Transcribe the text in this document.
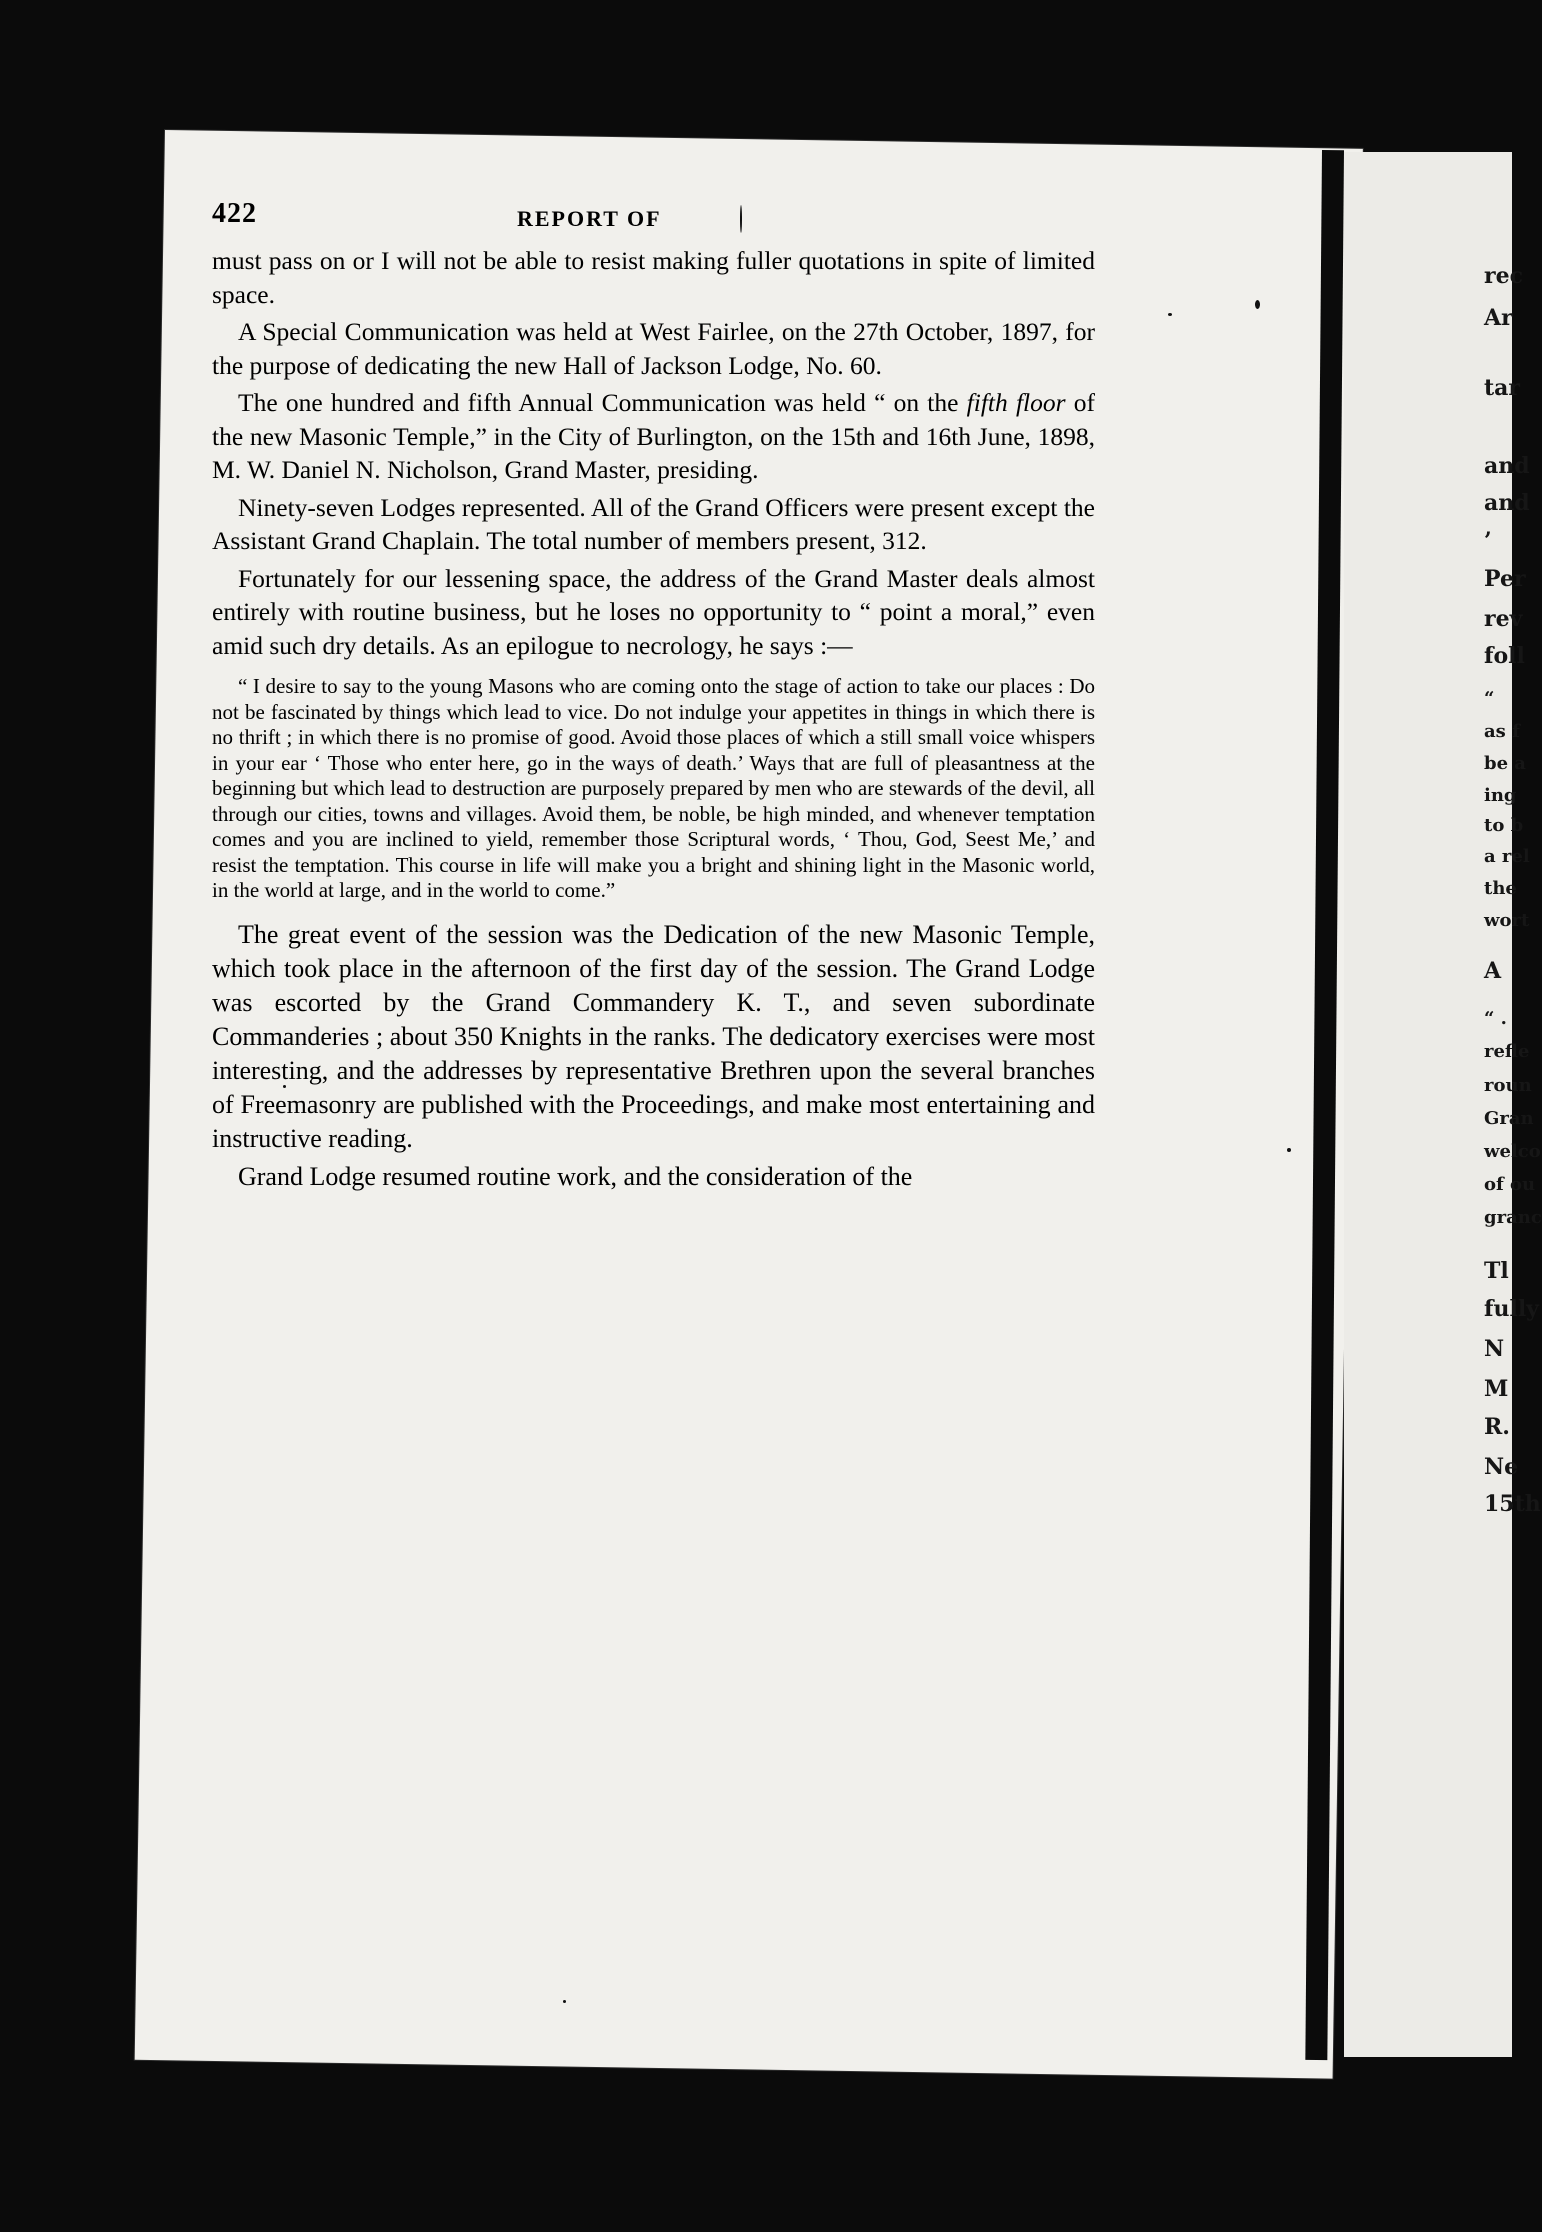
422	REPORT OF

must pass on or I will not be able to resist making fuller quotations in spite of limited space.

A Special Communication was held at West Fairlee, on the 27th October, 1897, for the purpose of dedicating the new Hall of Jackson Lodge, No. 60.

The one hundred and fifth Annual Communication was held “ on the fifth floor of the new Masonic Temple,” in the City of Burlington, on the 15th and 16th June, 1898, M. W. Daniel N. Nicholson, Grand Master, presiding.

Ninety-seven Lodges represented. All of the Grand Officers were present except the Assistant Grand Chaplain. The total number of members present, 312.

Fortunately for our lessening space, the address of the Grand Master deals almost entirely with routine business, but he loses no opportunity to “ point a moral,” even amid such dry details. As an epilogue to necrology, he says :—

“ I desire to say to the young Masons who are coming onto the stage of action to take our places : Do not be fascinated by things which lead to vice. Do not indulge your appetites in things in which there is no thrift ; in which there is no promise of good. Avoid those places of which a still small voice whispers in your ear ‘ Those who enter here, go in the ways of death.’ Ways that are full of pleasantness at the beginning but which lead to destruction are purposely prepared by men who are stewards of the devil, all through our cities, towns and villages. Avoid them, be noble, be high minded, and whenever temptation comes and you are inclined to yield, remember those Scriptural words, ‘ Thou, God, Seest Me,’ and resist the temptation. This course in life will make you a bright and shining light in the Masonic world, in the world at large, and in the world to come.”

The great event of the session was the Dedication of the new Masonic Temple, which took place in the afternoon of the first day of the session. The Grand Lodge was escorted by the Grand Commandery K. T., and seven subordinate Commanderies ; about 350 Knights in the ranks. The dedicatory exercises were most interesting, and the addresses by representative Brethren upon the several branches of Freemasonry are published with the Proceedings, and make most entertaining and instructive reading.

Grand Lodge resumed routine work, and the consideration of the

rec
Ar
tar
and
and
’
Per
rev
foll
“
as f
be a
ing
to b
a rel
the
wort
A
“ .
refle
roun
Gran
welco
of ou
granc
Tl
fully
N
M
R.
Ne
15th
